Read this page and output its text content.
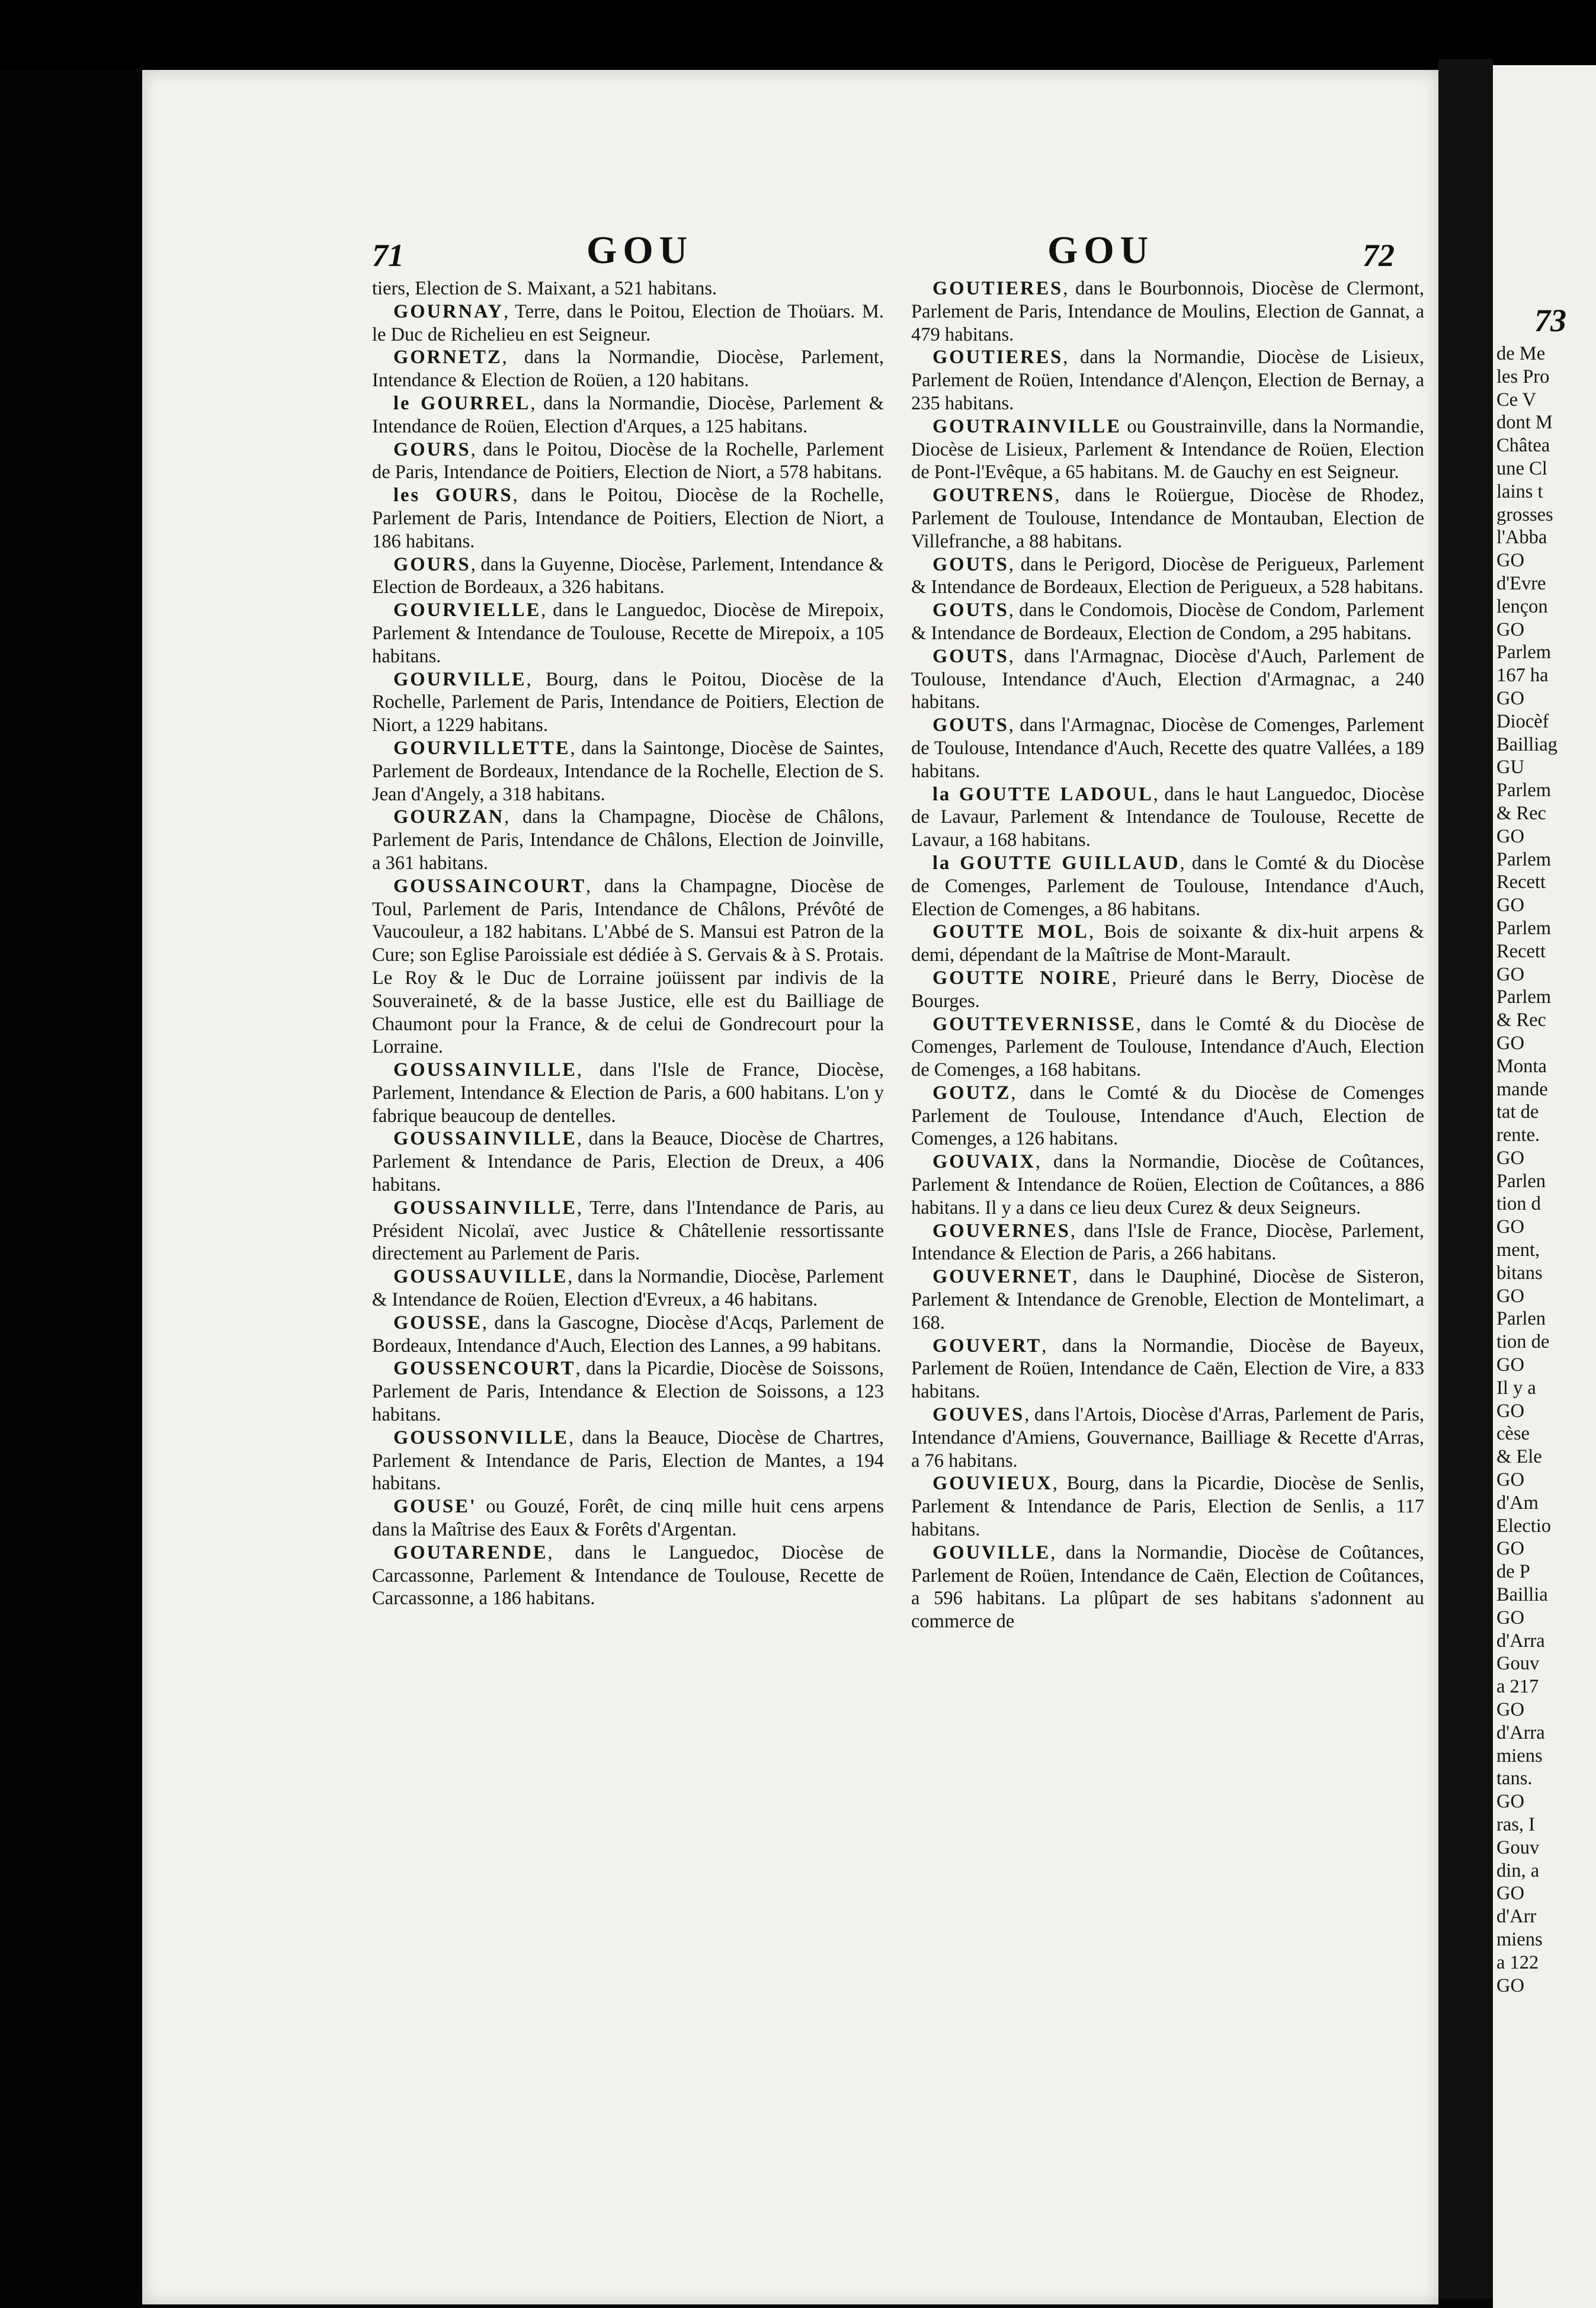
71	GOU	GOU	72

tiers, Election de S. Maixant, a 521 habitans.

GOURNAY, Terre, dans le Poitou, Election de Thoüars. M. le Duc de Richelieu en est Seigneur.

GORNETZ, dans la Normandie, Diocèse, Parlement, Intendance & Election de Roüen, a 120 habitans.

le GOURREL, dans la Normandie, Diocèse, Parlement & Intendance de Roüen, Election d'Arques, a 125 habitans.

GOURS, dans le Poitou, Diocèse de la Rochelle, Parlement de Paris, Intendance de Poitiers, Election de Niort, a 578 habitans.

les GOURS, dans le Poitou, Diocèse de la Rochelle, Parlement de Paris, Intendance de Poitiers, Election de Niort, a 186 habitans.

GOURS, dans la Guyenne, Diocèse, Parlement, Intendance & Election de Bordeaux, a 326 habitans.

GOURVIELLE, dans le Languedoc, Diocèse de Mirepoix, Parlement & Intendance de Toulouse, Recette de Mirepoix, a 105 habitans.

GOURVILLE, Bourg, dans le Poitou, Diocèse de la Rochelle, Parlement de Paris, Intendance de Poitiers, Election de Niort, a 1229 habitans.

GOURVILLETTE, dans la Saintonge, Diocèse de Saintes, Parlement de Bordeaux, Intendance de la Rochelle, Election de S. Jean d'Angely, a 318 habitans.

GOURZAN, dans la Champagne, Diocèse de Châlons, Parlement de Paris, Intendance de Châlons, Election de Joinville, a 361 habitans.

GOUSSAINCOURT, dans la Champagne, Diocèse de Toul, Parlement de Paris, Intendance de Châlons, Prévôté de Vaucouleur, a 182 habitans. L'Abbé de S. Mansui est Patron de la Cure; son Eglise Paroissiale est dédiée à S. Gervais & à S. Protais. Le Roy & le Duc de Lorraine joüissent par indivis de la Souveraineté, & de la basse Justice, elle est du Bailliage de Chaumont pour la France, & de celui de Gondrecourt pour la Lorraine.

GOUSSAINVILLE, dans l'Isle de France, Diocèse, Parlement, Intendance & Election de Paris, a 600 habitans. L'on y fabrique beaucoup de dentelles.

GOUSSAINVILLE, dans la Beauce, Diocèse de Chartres, Parlement & Intendance de Paris, Election de Dreux, a 406 habitans.

GOUSSAINVILLE, Terre, dans l'Intendance de Paris, au Président Nicolaï, avec Justice & Châtellenie ressortissante directement au Parlement de Paris.

GOUSSAUVILLE, dans la Normandie, Diocèse, Parlement & Intendance de Roüen, Election d'Evreux, a 46 habitans.

GOUSSE, dans la Gascogne, Diocèse d'Acqs, Parlement de Bordeaux, Intendance d'Auch, Election des Lannes, a 99 habitans.

GOUSSENCOURT, dans la Picardie, Diocèse de Soissons, Parlement de Paris, Intendance & Election de Soissons, a 123 habitans.

GOUSSONVILLE, dans la Beauce, Diocèse de Chartres, Parlement & Intendance de Paris, Election de Mantes, a 194 habitans.

GOUSE' ou Gouzé, Forêt, de cinq mille huit cens arpens dans la Maîtrise des Eaux & Forêts d'Argentan.

GOUTARENDE, dans le Languedoc, Diocèse de Carcassonne, Parlement & Intendance de Toulouse, Recette de Carcassonne, a 186 habitans.

GOUTIERES, dans le Bourbonnois, Diocèse de Clermont, Parlement de Paris, Intendance de Moulins, Election de Gannat, a 479 habitans.

GOUTIERES, dans la Normandie, Diocèse de Lisieux, Parlement de Roüen, Intendance d'Alençon, Election de Bernay, a 235 habitans.

GOUTRAINVILLE ou Goustrainville, dans la Normandie, Diocèse de Lisieux, Parlement & Intendance de Roüen, Election de Pont-l'Evêque, a 65 habitans. M. de Gauchy en est Seigneur.

GOUTRENS, dans le Roüergue, Diocèse de Rhodez, Parlement de Toulouse, Intendance de Montauban, Election de Villefranche, a 88 habitans.

GOUTS, dans le Perigord, Diocèse de Perigueux, Parlement & Intendance de Bordeaux, Election de Perigueux, a 528 habitans.

GOUTS, dans le Condomois, Diocèse de Condom, Parlement & Intendance de Bordeaux, Election de Condom, a 295 habitans.

GOUTS, dans l'Armagnac, Diocèse d'Auch, Parlement de Toulouse, Intendance d'Auch, Election d'Armagnac, a 240 habitans.

GOUTS, dans l'Armagnac, Diocèse de Comenges, Parlement de Toulouse, Intendance d'Auch, Recette des quatre Vallées, a 189 habitans.

la GOUTTE LADOUL, dans le haut Languedoc, Diocèse de Lavaur, Parlement & Intendance de Toulouse, Recette de Lavaur, a 168 habitans.

la GOUTTE GUILLAUD, dans le Comté & du Diocèse de Comenges, Parlement de Toulouse, Intendance d'Auch, Election de Comenges, a 86 habitans.

GOUTTE MOL, Bois de soixante & dix-huit arpens & demi, dépendant de la Maîtrise de Mont-Marault.

GOUTTE NOIRE, Prieuré dans le Berry, Diocèse de Bourges.

GOUTTEVERNISSE, dans le Comté & du Diocèse de Comenges, Parlement de Toulouse, Intendance d'Auch, Election de Comenges, a 168 habitans.

GOUTZ, dans le Comté & du Diocèse de Comenges Parlement de Toulouse, Intendance d'Auch, Election de Comenges, a 126 habitans.

GOUVAIX, dans la Normandie, Diocèse de Coûtances, Parlement & Intendance de Roüen, Election de Coûtances, a 886 habitans. Il y a dans ce lieu deux Curez & deux Seigneurs.

GOUVERNES, dans l'Isle de France, Diocèse, Parlement, Intendance & Election de Paris, a 266 habitans.

GOUVERNET, dans le Dauphiné, Diocèse de Sisteron, Parlement & Intendance de Grenoble, Election de Montelimart, a 168.

GOUVERT, dans la Normandie, Diocèse de Bayeux, Parlement de Roüen, Intendance de Caën, Election de Vire, a 833 habitans.

GOUVES, dans l'Artois, Diocèse d'Arras, Parlement de Paris, Intendance d'Amiens, Gouvernance, Bailliage & Recette d'Arras, a 76 habitans.

GOUVIEUX, Bourg, dans la Picardie, Diocèse de Senlis, Parlement & Intendance de Paris, Election de Senlis, a 117 habitans.

GOUVILLE, dans la Normandie, Diocèse de Coûtances, Parlement de Roüen, Intendance de Caën, Election de Coûtances, a 596 habitans. La plûpart de ses habitans s'adonnent au commerce de

73
de Me
les Pro
Ce V
dont M
Châtea
une Cl
lains t
grosses
l'Abba
GO
d'Evre
lençon
GO
Parlem
167 ha
GO
Diocèf
Bailliag
GU
Parlem
& Rec
GO
Parlem
Recett
GO
Parlem
Recett
GO
Parlem
& Rec
GO
Monta
mande
tat de
rente.
GO
Parlen
tion d
GO
ment,
bitans
GO
Parlen
tion de
GO
Il y a
GO
cèse
& Ele
GO
d'Am
Electio
GO
de P
Baillia
GO
d'Arra
Gouv
a 217
GO
d'Arra
miens
tans.
GO
ras, I
Gouv
din, a
GO
d'Arr
miens
a 122
GO
